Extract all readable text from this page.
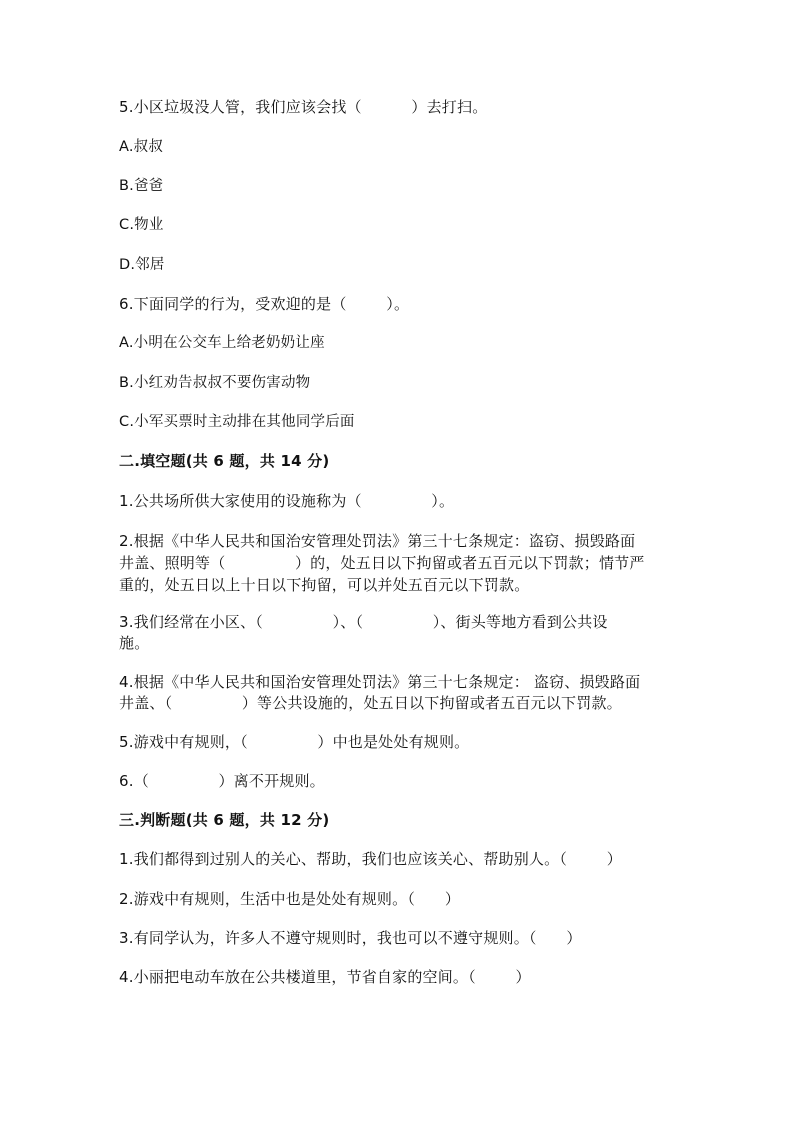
5.小区垃圾没人管，我们应该会找（          ）去打扫。
A.叔叔
B.爸爸
C.物业
D.邻居
6.下面同学的行为，受欢迎的是（        ）。
A.小明在公交车上给老奶奶让座
B.小红劝告叔叔不要伤害动物
C.小军买票时主动排在其他同学后面
二.填空题(共 6 题，共 14 分)
1.公共场所供大家使用的设施称为（              ）。
2.根据《中华人民共和国治安管理处罚法》第三十七条规定：盗窃、损毁路面
井盖、照明等（              ）的，处五日以下拘留或者五百元以下罚款；情节严
重的，处五日以上十日以下拘留，可以并处五百元以下罚款。
3.我们经常在小区、（              ）、（              ）、街头等地方看到公共设
施。
4.根据《中华人民共和国治安管理处罚法》第三十七条规定： 盗窃、损毁路面
井盖、（              ）等公共设施的，处五日以下拘留或者五百元以下罚款。
5.游戏中有规则，（              ）中也是处处有规则。
6.（              ）离不开规则。
三.判断题(共 6 题，共 12 分)
1.我们都得到过别人的关心、帮助，我们也应该关心、帮助别人。（        ）
2.游戏中有规则，生活中也是处处有规则。（      ）
3.有同学认为，许多人不遵守规则时，我也可以不遵守规则。（      ）
4.小丽把电动车放在公共楼道里，节省自家的空间。（        ）
